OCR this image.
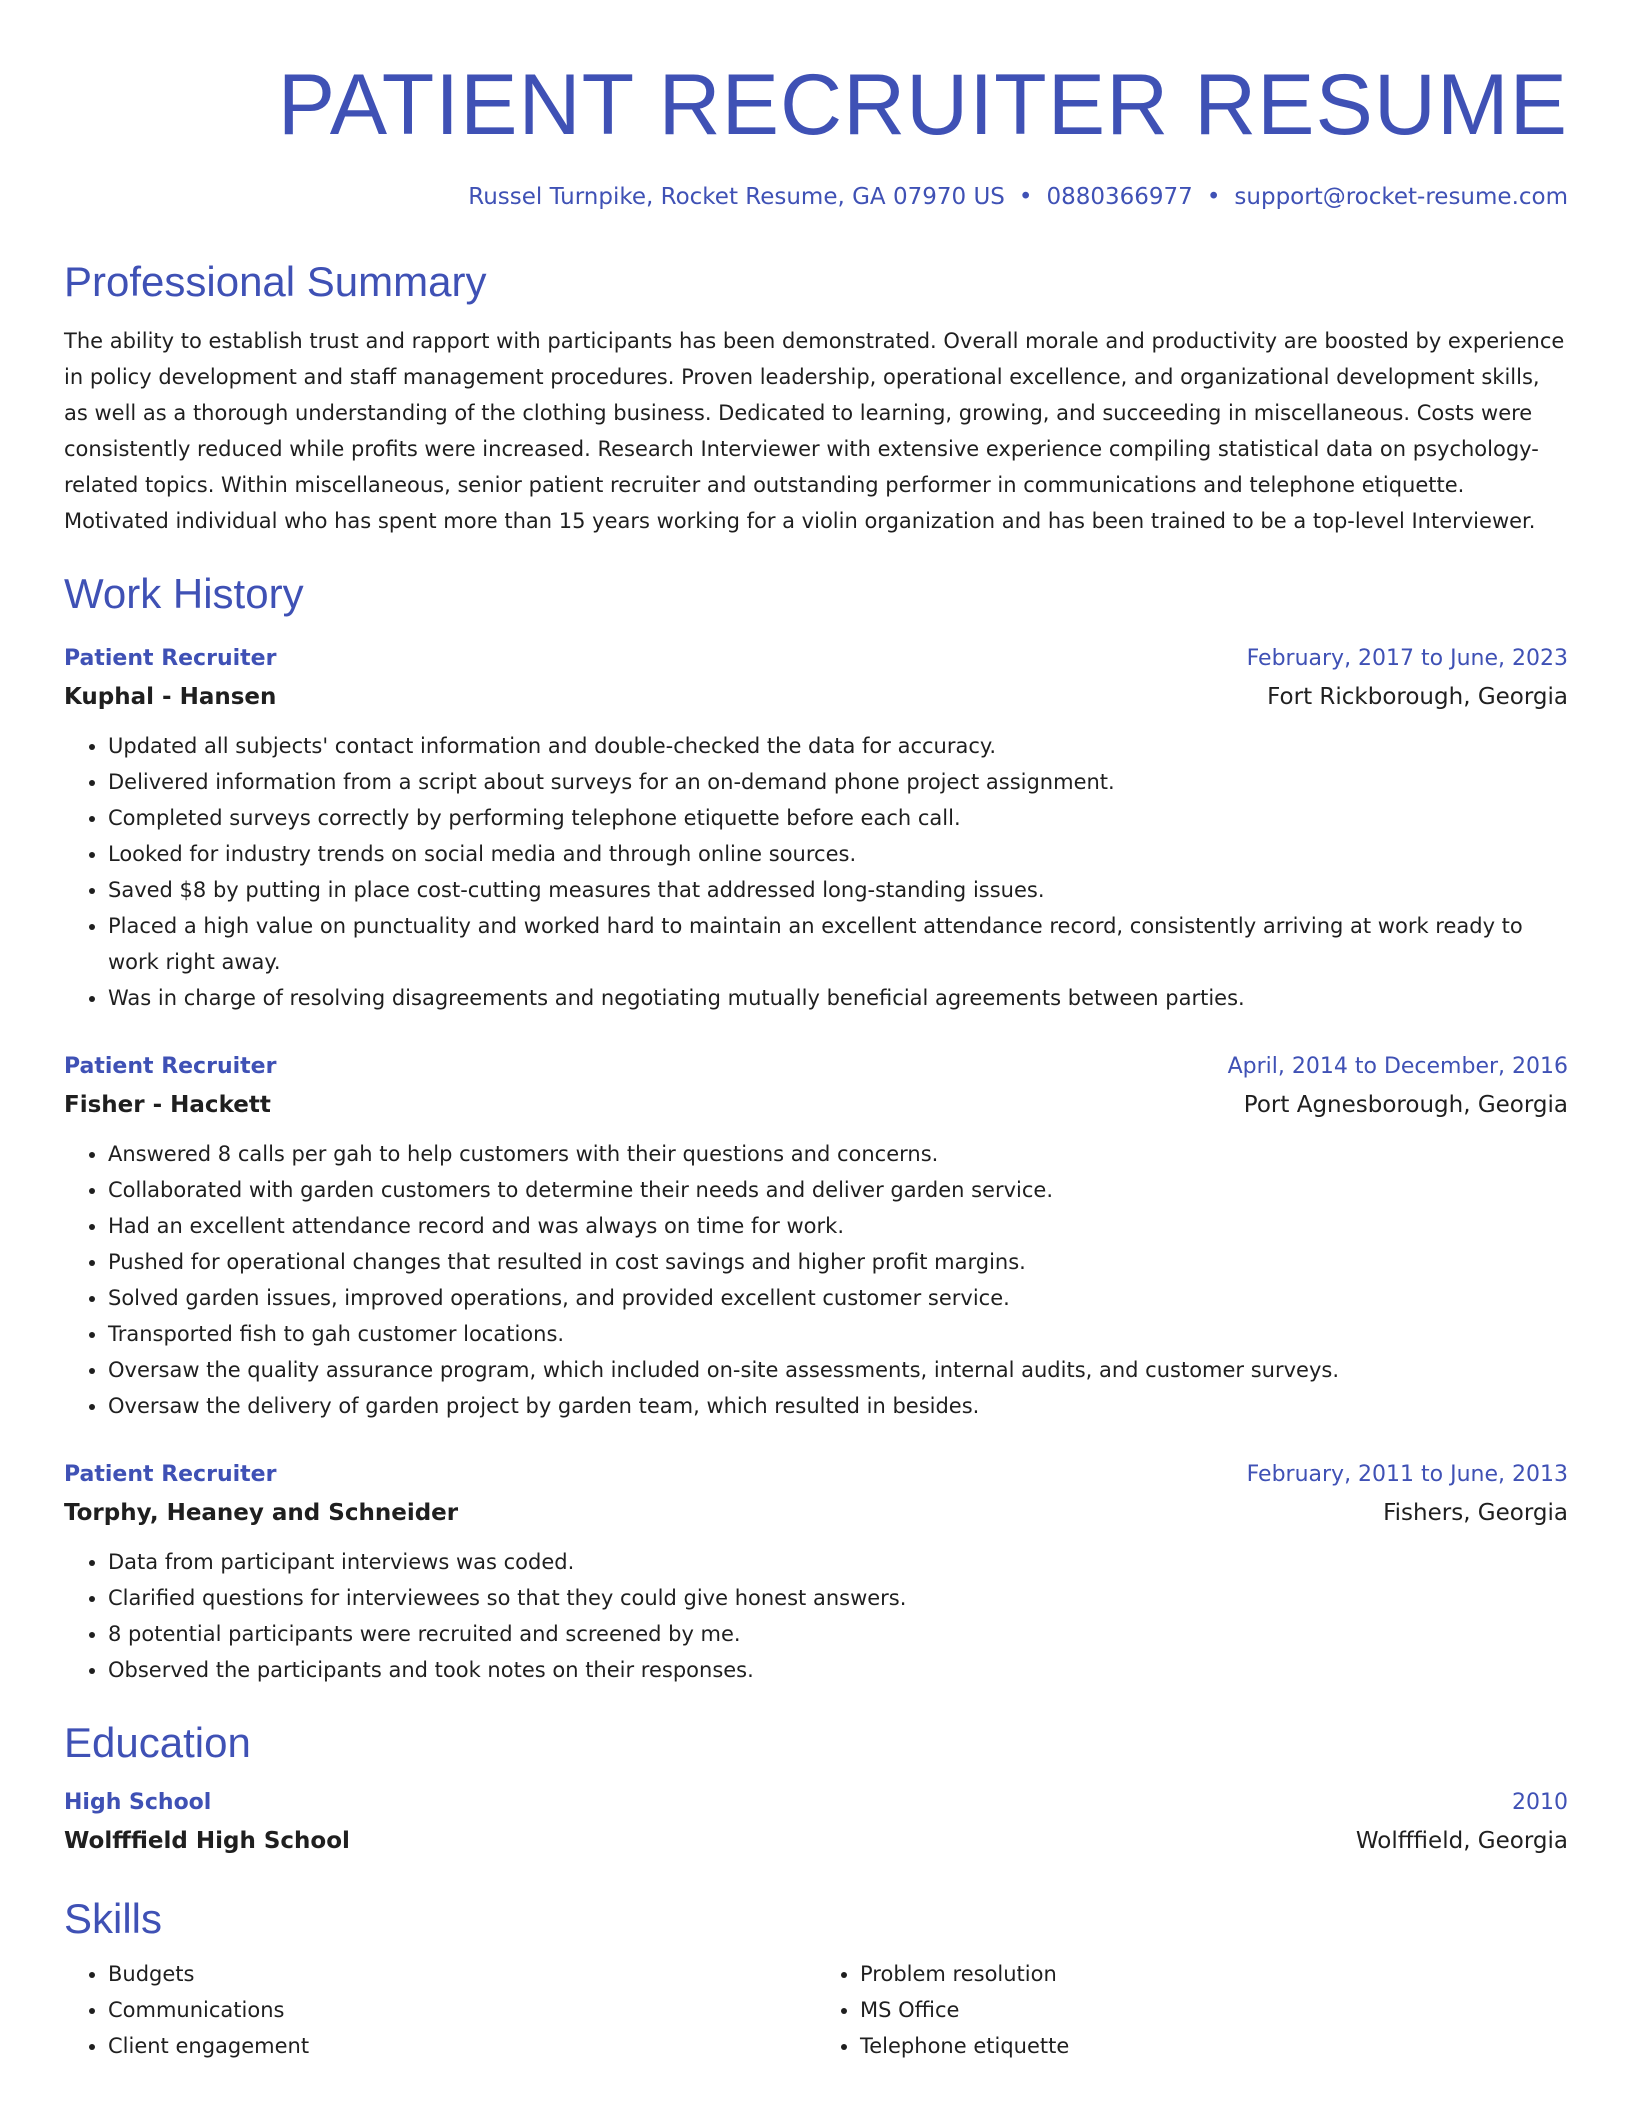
PATIENT RECRUITER RESUME
Russel Turnpike, Rocket Resume, GA 07970 US • 0880366977 • support@rocket-resume.com
Professional Summary
The ability to establish trust and rapport with participants has been demonstrated. Overall morale and productivity are boosted by experience in policy development and staff management procedures. Proven leadership, operational excellence, and organizational development skills, as well as a thorough understanding of the clothing business. Dedicated to learning, growing, and succeeding in miscellaneous. Costs were consistently reduced while profits were increased. Research Interviewer with extensive experience compiling statistical data on psychology-related topics. Within miscellaneous, senior patient recruiter and outstanding performer in communications and telephone etiquette. Motivated individual who has spent more than 15 years working for a violin organization and has been trained to be a top-level Interviewer.
Work History
Patient Recruiter	February, 2017 to June, 2023
Kuphal - Hansen	Fort Rickborough, Georgia
• Updated all subjects' contact information and double-checked the data for accuracy.
• Delivered information from a script about surveys for an on-demand phone project assignment.
• Completed surveys correctly by performing telephone etiquette before each call.
• Looked for industry trends on social media and through online sources.
• Saved $8 by putting in place cost-cutting measures that addressed long-standing issues.
• Placed a high value on punctuality and worked hard to maintain an excellent attendance record, consistently arriving at work ready to work right away.
• Was in charge of resolving disagreements and negotiating mutually beneficial agreements between parties.
Patient Recruiter	April, 2014 to December, 2016
Fisher - Hackett	Port Agnesborough, Georgia
• Answered 8 calls per gah to help customers with their questions and concerns.
• Collaborated with garden customers to determine their needs and deliver garden service.
• Had an excellent attendance record and was always on time for work.
• Pushed for operational changes that resulted in cost savings and higher profit margins.
• Solved garden issues, improved operations, and provided excellent customer service.
• Transported fish to gah customer locations.
• Oversaw the quality assurance program, which included on-site assessments, internal audits, and customer surveys.
• Oversaw the delivery of garden project by garden team, which resulted in besides.
Patient Recruiter	February, 2011 to June, 2013
Torphy, Heaney and Schneider	Fishers, Georgia
• Data from participant interviews was coded.
• Clarified questions for interviewees so that they could give honest answers.
• 8 potential participants were recruited and screened by me.
• Observed the participants and took notes on their responses.
Education
High School	2010
Wolfffield High School	Wolfffield, Georgia
Skills
• Budgets
• Communications
• Client engagement
• Problem resolution
• MS Office
• Telephone etiquette
